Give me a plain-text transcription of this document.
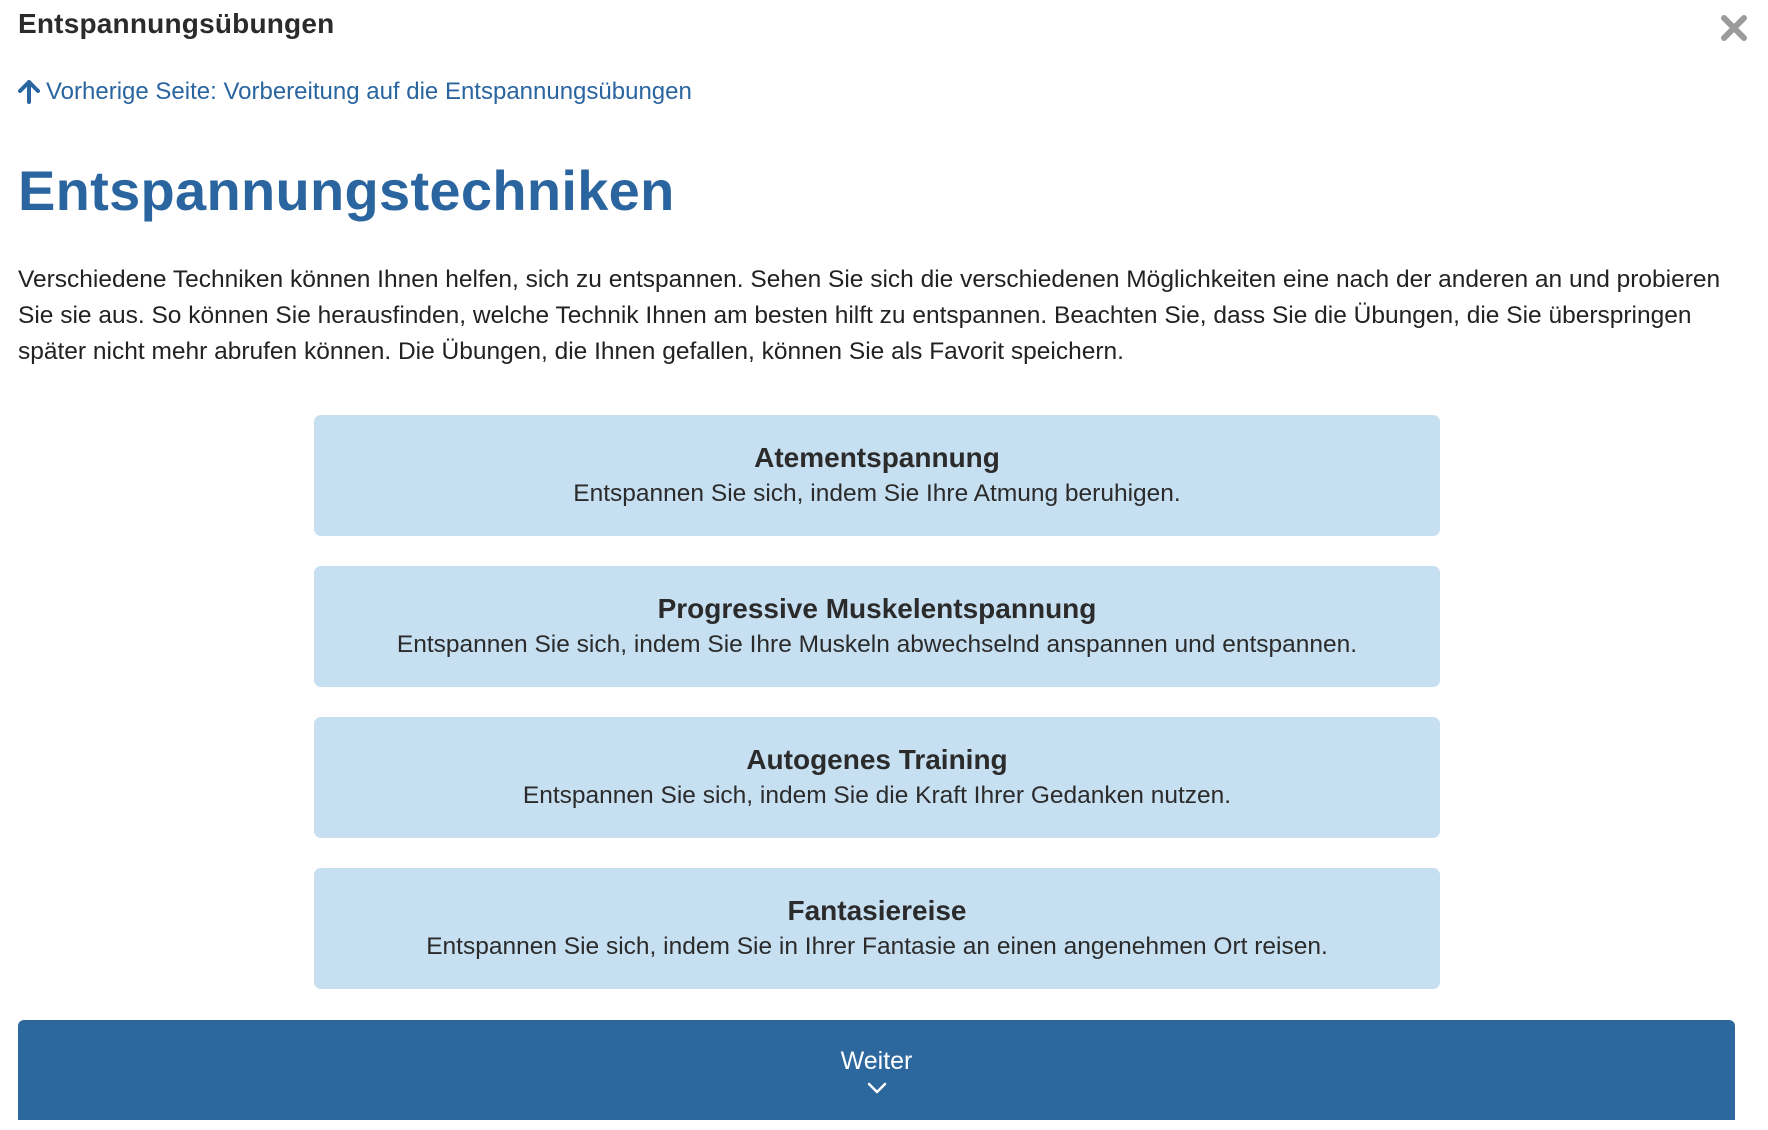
Entspannungsübungen
Vorherige Seite: Vorbereitung auf die Entspannungsübungen
Entspannungstechniken

Verschiedene Techniken können Ihnen helfen, sich zu entspannen. Sehen Sie sich die verschiedenen Möglichkeiten eine nach der anderen an und probieren Sie sie aus. So können Sie herausfinden, welche Technik Ihnen am besten hilft zu entspannen. Beachten Sie, dass Sie die Übungen, die Sie überspringen später nicht mehr abrufen können. Die Übungen, die Ihnen gefallen, können Sie als Favorit speichern.

Atementspannung
Entspannen Sie sich, indem Sie Ihre Atmung beruhigen.
Progressive Muskelentspannung
Entspannen Sie sich, indem Sie Ihre Muskeln abwechselnd anspannen und entspannen.
Autogenes Training
Entspannen Sie sich, indem Sie die Kraft Ihrer Gedanken nutzen.
Fantasiereise
Entspannen Sie sich, indem Sie in Ihrer Fantasie an einen angenehmen Ort reisen.
Weiter
